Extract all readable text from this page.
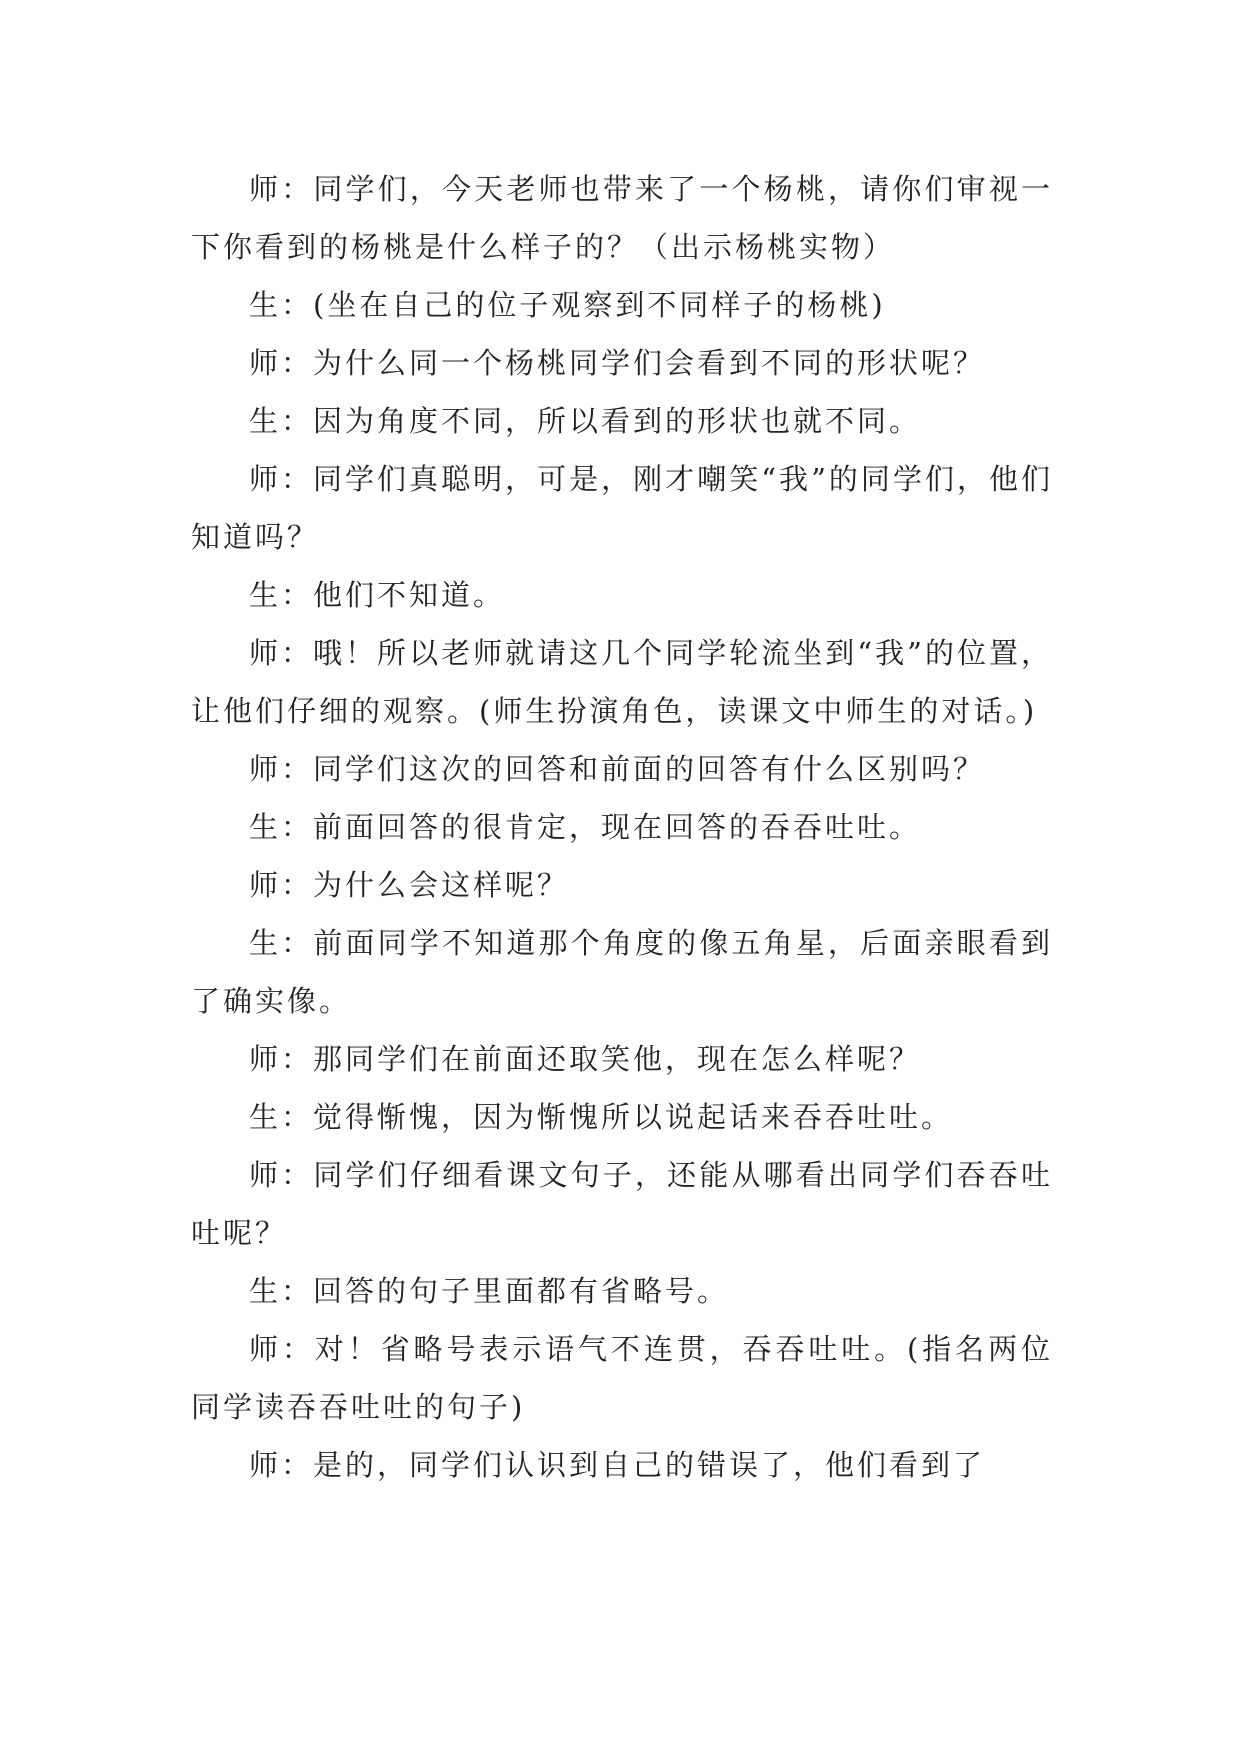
师：同学们，今天老师也带来了一个杨桃，请你们审视一下你看到的杨桃是什么样子的？（出示杨桃实物）

生：(坐在自己的位子观察到不同样子的杨桃)

师：为什么同一个杨桃同学们会看到不同的形状呢？

生：因为角度不同，所以看到的形状也就不同。

师：同学们真聪明，可是，刚才嘲笑“我”的同学们，他们知道吗？

生：他们不知道。

师：哦！所以老师就请这几个同学轮流坐到“我”的位置，让他们仔细的观察。(师生扮演角色，读课文中师生的对话。)

师：同学们这次的回答和前面的回答有什么区别吗？

生：前面回答的很肯定，现在回答的吞吞吐吐。

师：为什么会这样呢？

生：前面同学不知道那个角度的像五角星，后面亲眼看到了确实像。

师：那同学们在前面还取笑他，现在怎么样呢？

生：觉得惭愧，因为惭愧所以说起话来吞吞吐吐。

师：同学们仔细看课文句子，还能从哪看出同学们吞吞吐吐呢？

生：回答的句子里面都有省略号。

师：对！省略号表示语气不连贯，吞吞吐吐。(指名两位同学读吞吞吐吐的句子)

师：是的，同学们认识到自己的错误了，他们看到了
